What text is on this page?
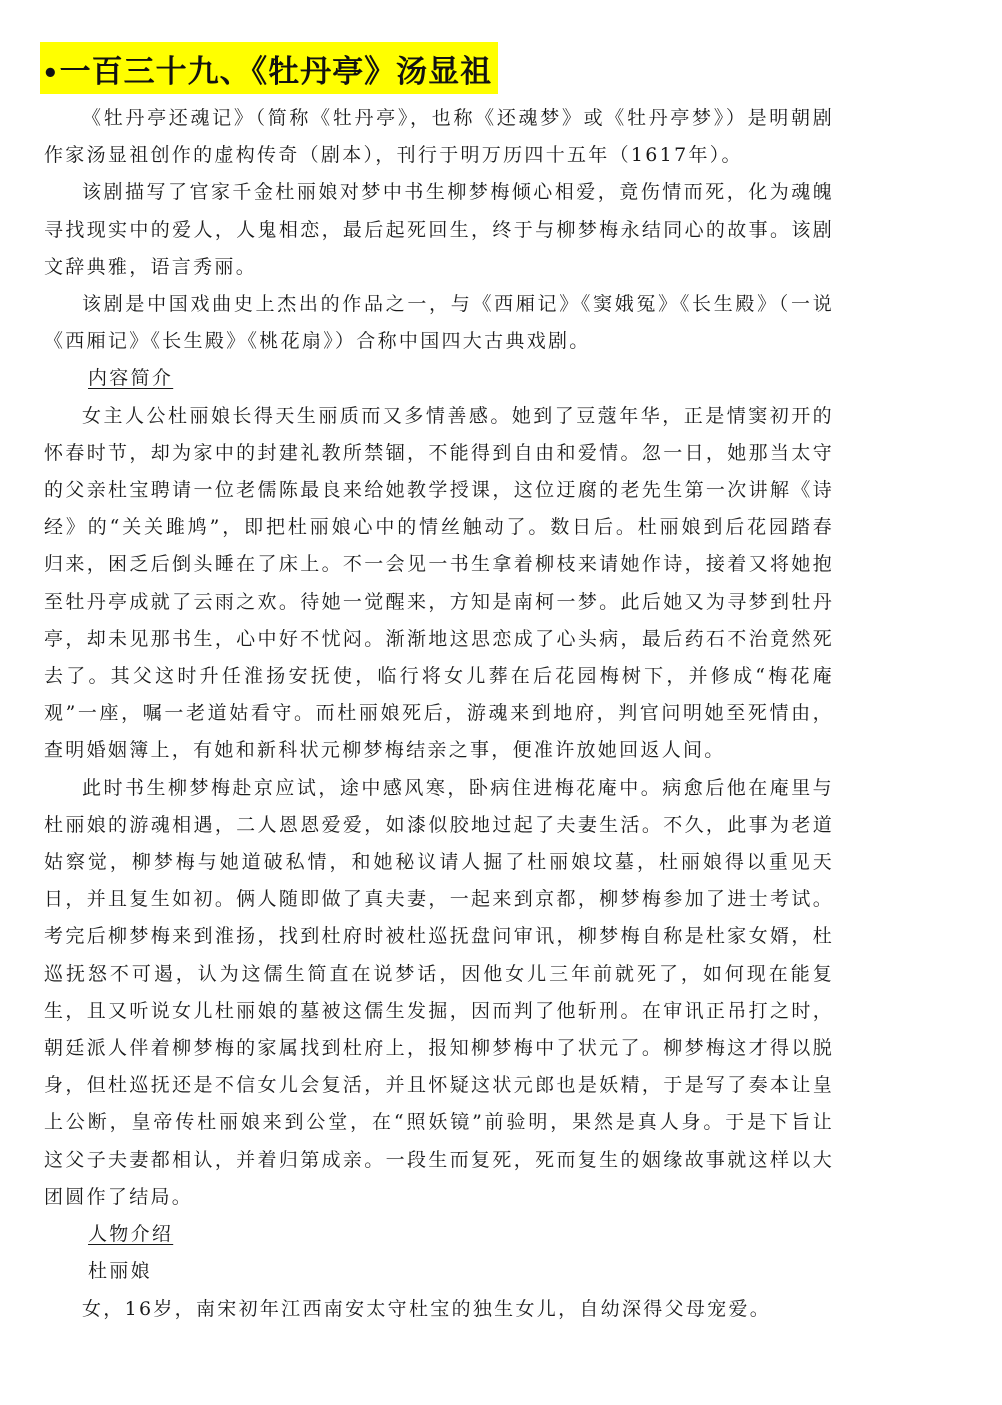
•一百三十九、《牡丹亭》汤显祖

《牡丹亭还魂记》（简称《牡丹亭》，也称《还魂梦》或《牡丹亭梦》）是明朝剧作家汤显祖创作的虚构传奇（剧本），刊行于明万历四十五年（1617年）。

该剧描写了官家千金杜丽娘对梦中书生柳梦梅倾心相爱，竟伤情而死，化为魂魄寻找现实中的爱人，人鬼相恋，最后起死回生，终于与柳梦梅永结同心的故事。该剧文辞典雅，语言秀丽。

该剧是中国戏曲史上杰出的作品之一，与《西厢记》《窦娥冤》《长生殿》（一说《西厢记》《长生殿》《桃花扇》）合称中国四大古典戏剧。

内容简介

女主人公杜丽娘长得天生丽质而又多情善感。她到了豆蔻年华，正是情窦初开的怀春时节，却为家中的封建礼教所禁锢，不能得到自由和爱情。忽一日，她那当太守的父亲杜宝聘请一位老儒陈最良来给她教学授课，这位迂腐的老先生第一次讲解《诗经》的“关关雎鸠”，即把杜丽娘心中的情丝触动了。数日后。杜丽娘到后花园踏春归来，困乏后倒头睡在了床上。不一会见一书生拿着柳枝来请她作诗，接着又将她抱至牡丹亭成就了云雨之欢。待她一觉醒来，方知是南柯一梦。此后她又为寻梦到牡丹亭，却未见那书生，心中好不忧闷。渐渐地这思恋成了心头病，最后药石不治竟然死去了。其父这时升任淮扬安抚使，临行将女儿葬在后花园梅树下，并修成“梅花庵观”一座，嘱一老道姑看守。而杜丽娘死后，游魂来到地府，判官问明她至死情由，查明婚姻簿上，有她和新科状元柳梦梅结亲之事，便准许放她回返人间。

此时书生柳梦梅赴京应试，途中感风寒，卧病住进梅花庵中。病愈后他在庵里与杜丽娘的游魂相遇，二人恩恩爱爱，如漆似胶地过起了夫妻生活。不久，此事为老道姑察觉，柳梦梅与她道破私情，和她秘议请人掘了杜丽娘坟墓，杜丽娘得以重见天日，并且复生如初。俩人随即做了真夫妻，一起来到京都，柳梦梅参加了进士考试。考完后柳梦梅来到淮扬，找到杜府时被杜巡抚盘问审讯，柳梦梅自称是杜家女婿，杜巡抚怒不可遏，认为这儒生简直在说梦话，因他女儿三年前就死了，如何现在能复生，且又听说女儿杜丽娘的墓被这儒生发掘，因而判了他斩刑。在审讯正吊打之时，朝廷派人伴着柳梦梅的家属找到杜府上，报知柳梦梅中了状元了。柳梦梅这才得以脱身，但杜巡抚还是不信女儿会复活，并且怀疑这状元郎也是妖精，于是写了奏本让皇上公断，皇帝传杜丽娘来到公堂，在“照妖镜”前验明，果然是真人身。于是下旨让这父子夫妻都相认，并着归第成亲。一段生而复死，死而复生的姻缘故事就这样以大团圆作了结局。

人物介绍

杜丽娘

女，16岁，南宋初年江西南安太守杜宝的独生女儿，自幼深得父母宠爱。
